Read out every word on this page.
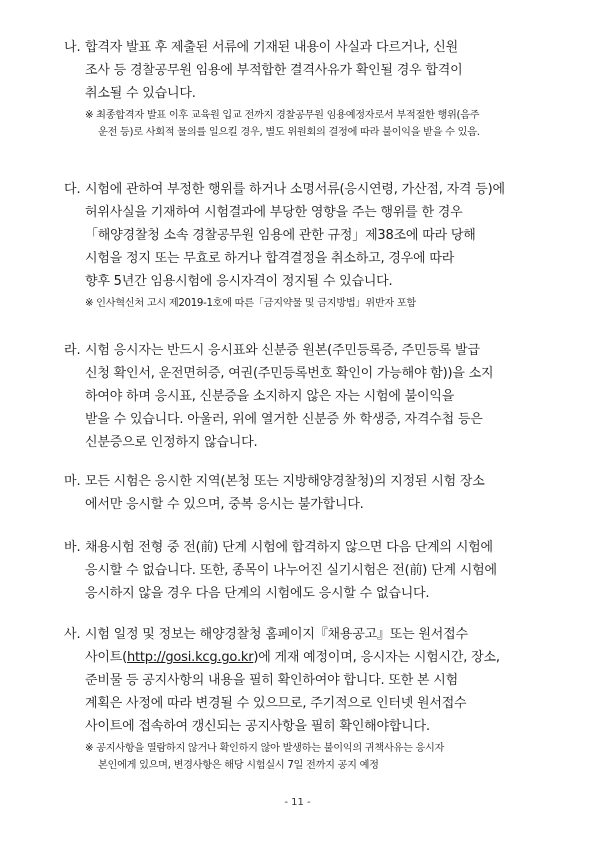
나. 합격자 발표 후 제출된 서류에 기재된 내용이 사실과 다르거나, 신원
조사 등 경찰공무원 임용에 부적합한 결격사유가 확인될 경우 합격이
취소될 수 있습니다.
※ 최종합격자 발표 이후 교육원 입교 전까지 경찰공무원 임용예정자로서 부적절한 행위(음주
운전 등)로 사회적 물의를 일으킬 경우, 별도 위원회의 결정에 따라 불이익을 받을 수 있음.
다. 시험에 관하여 부정한 행위를 하거나 소명서류(응시연령, 가산점, 자격 등)에
허위사실을 기재하여 시험결과에 부당한 영향을 주는 행위를 한 경우
「해양경찰청 소속 경찰공무원 임용에 관한 규정」제38조에 따라 당해
시험을 정지 또는 무효로 하거나 합격결정을 취소하고, 경우에 따라
향후 5년간 임용시험에 응시자격이 정지될 수 있습니다.
※ 인사혁신처 고시 제2019-1호에 따른「금지약물 및 금지방법」위반자 포함
라. 시험 응시자는 반드시 응시표와 신분증 원본(주민등록증, 주민등록 발급
신청 확인서, 운전면허증, 여권(주민등록번호 확인이 가능해야 함))을 소지
하여야 하며 응시표, 신분증을 소지하지 않은 자는 시험에 불이익을
받을 수 있습니다. 아울러, 위에 열거한 신분증 外 학생증, 자격수첩 등은
신분증으로 인정하지 않습니다.
마. 모든 시험은 응시한 지역(본청 또는 지방해양경찰청)의 지정된 시험 장소
에서만 응시할 수 있으며, 중복 응시는 불가합니다.
바. 채용시험 전형 중 전(前) 단계 시험에 합격하지 않으면 다음 단계의 시험에
응시할 수 없습니다. 또한, 종목이 나누어진 실기시험은 전(前) 단계 시험에
응시하지 않을 경우 다음 단계의 시험에도 응시할 수 없습니다.
사. 시험 일정 및 정보는 해양경찰청 홈페이지『채용공고』또는 원서접수
사이트(http://gosi.kcg.go.kr)에 게재 예정이며, 응시자는 시험시간, 장소,
준비물 등 공지사항의 내용을 필히 확인하여야 합니다. 또한 본 시험
계획은 사정에 따라 변경될 수 있으므로, 주기적으로 인터넷 원서접수
사이트에 접속하여 갱신되는 공지사항을 필히 확인해야합니다.
※ 공지사항을 열람하지 않거나 확인하지 않아 발생하는 불이익의 귀책사유는 응시자
본인에게 있으며, 변경사항은 해당 시험실시 7일 전까지 공지 예정
- 11 -
